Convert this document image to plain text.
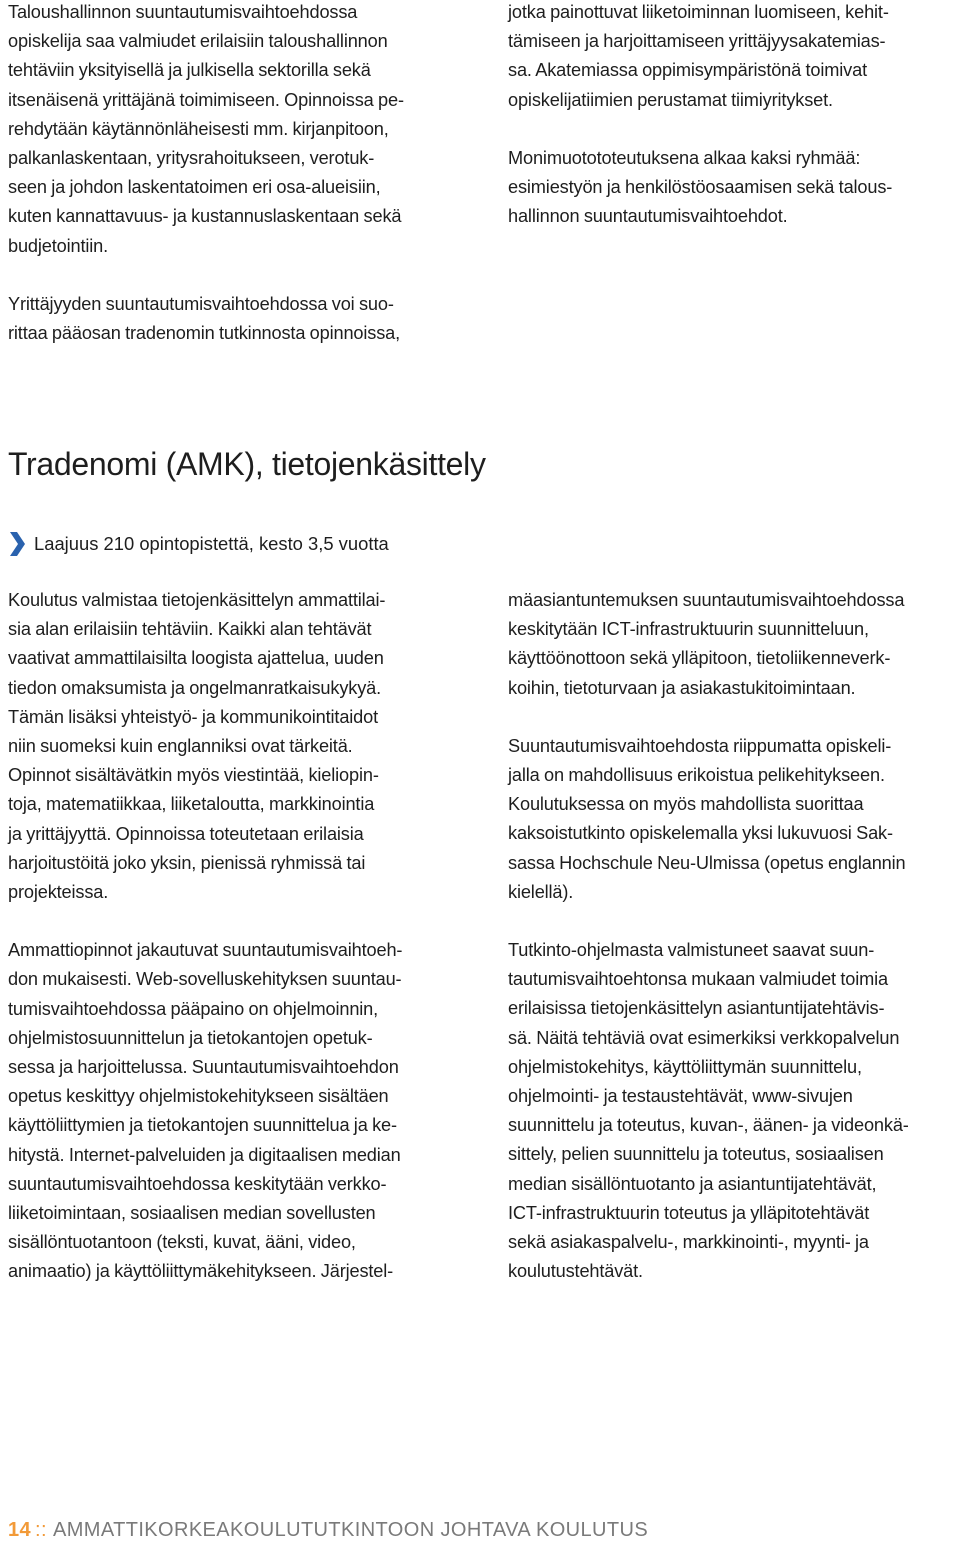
Taloushallinnon suuntautumisvaihtoehdossa
opiskelija saa valmiudet erilaisiin taloushallinnon
tehtäviin yksityisellä ja julkisella sektorilla sekä
itsenäisenä yrittäjänä toimimiseen. Opinnoissa pe-
rehdytään käytännönläheisesti mm. kirjanpitoon,
palkanlaskentaan, yritysrahoitukseen, verotuk-
seen ja johdon laskentatoimen eri osa-alueisiin,
kuten kannattavuus- ja kustannuslaskentaan sekä
budjetointiin.

Yrittäjyyden suuntautumisvaihtoehdossa voi suo-
rittaa pääosan tradenomin tutkinnosta opinnoissa,

jotka painottuvat liiketoiminnan luomiseen, kehit-
tämiseen ja harjoittamiseen yrittäjyysakatemias-
sa. Akatemiassa oppimisympäristönä toimivat
opiskelijatiimien perustamat tiimiyritykset.

Monimuotototeutuksena alkaa kaksi ryhmää:
esimiestyön ja henkilöstöosaamisen sekä talous-
hallinnon suuntautumisvaihtoehdot.

Tradenomi (AMK), tietojenkäsittely
Laajuus 210 opintopistettä, kesto 3,5 vuotta

Koulutus valmistaa tietojenkäsittelyn ammattilai-
sia alan erilaisiin tehtäviin. Kaikki alan tehtävät
vaativat ammattilaisilta loogista ajattelua, uuden
tiedon omaksumista ja ongelmanratkaisukykyä.
Tämän lisäksi yhteistyö- ja kommunikointitaidot
niin suomeksi kuin englanniksi ovat tärkeitä.
Opinnot sisältävätkin myös viestintää, kieliopin-
toja, matematiikkaa, liiketaloutta, markkinointia
ja yrittäjyyttä. Opinnoissa toteutetaan erilaisia
harjoitustöitä joko yksin, pienissä ryhmissä tai
projekteissa.

Ammattiopinnot jakautuvat suuntautumisvaihtoeh-
don mukaisesti. Web-sovelluskehityksen suuntau-
tumisvaihtoehdossa pääpaino on ohjelmoinnin,
ohjelmistosuunnittelun ja tietokantojen opetuk-
sessa ja harjoittelussa. Suuntautumisvaihtoehdon
opetus keskittyy ohjelmistokehitykseen sisältäen
käyttöliittymien ja tietokantojen suunnittelua ja ke-
hitystä. Internet-palveluiden ja digitaalisen median
suuntautumisvaihtoehdossa keskitytään verkko-
liiketoimintaan, sosiaalisen median sovellusten
sisällöntuotantoon (teksti, kuvat, ääni, video,
animaatio) ja käyttöliittymäkehitykseen. Järjestel-

mäasiantuntemuksen suuntautumisvaihtoehdossa
keskitytään ICT-infrastruktuurin suunnitteluun,
käyttöönottoon sekä ylläpitoon, tietoliikenneverk-
koihin, tietoturvaan ja asiakastukitoimintaan.

Suuntautumisvaihtoehdosta riippumatta opiskeli-
jalla on mahdollisuus erikoistua pelikehitykseen.
Koulutuksessa on myös mahdollista suorittaa
kaksoistutkinto opiskelemalla yksi lukuvuosi Sak-
sassa Hochschule Neu-Ulmissa (opetus englannin
kielellä).

Tutkinto-ohjelmasta valmistuneet saavat suun-
tautumisvaihtoehtonsa mukaan valmiudet toimia
erilaisissa tietojenkäsittelyn asiantuntijatehtävis-
sä. Näitä tehtäviä ovat esimerkiksi verkkopalvelun
ohjelmistokehitys, käyttöliittymän suunnittelu,
ohjelmointi- ja testaustehtävät, www-sivujen
suunnittelu ja toteutus, kuvan-, äänen- ja videonkä-
sittely, pelien suunnittelu ja toteutus, sosiaalisen
median sisällöntuotanto ja asiantuntijatehtävät,
ICT-infrastruktuurin toteutus ja ylläpitotehtävät
sekä asiakaspalvelu-, markkinointi-, myynti- ja
koulutustehtävät.

14 :: AMMATTIKORKEAKOULUTUTKINTOON JOHTAVA KOULUTUS
